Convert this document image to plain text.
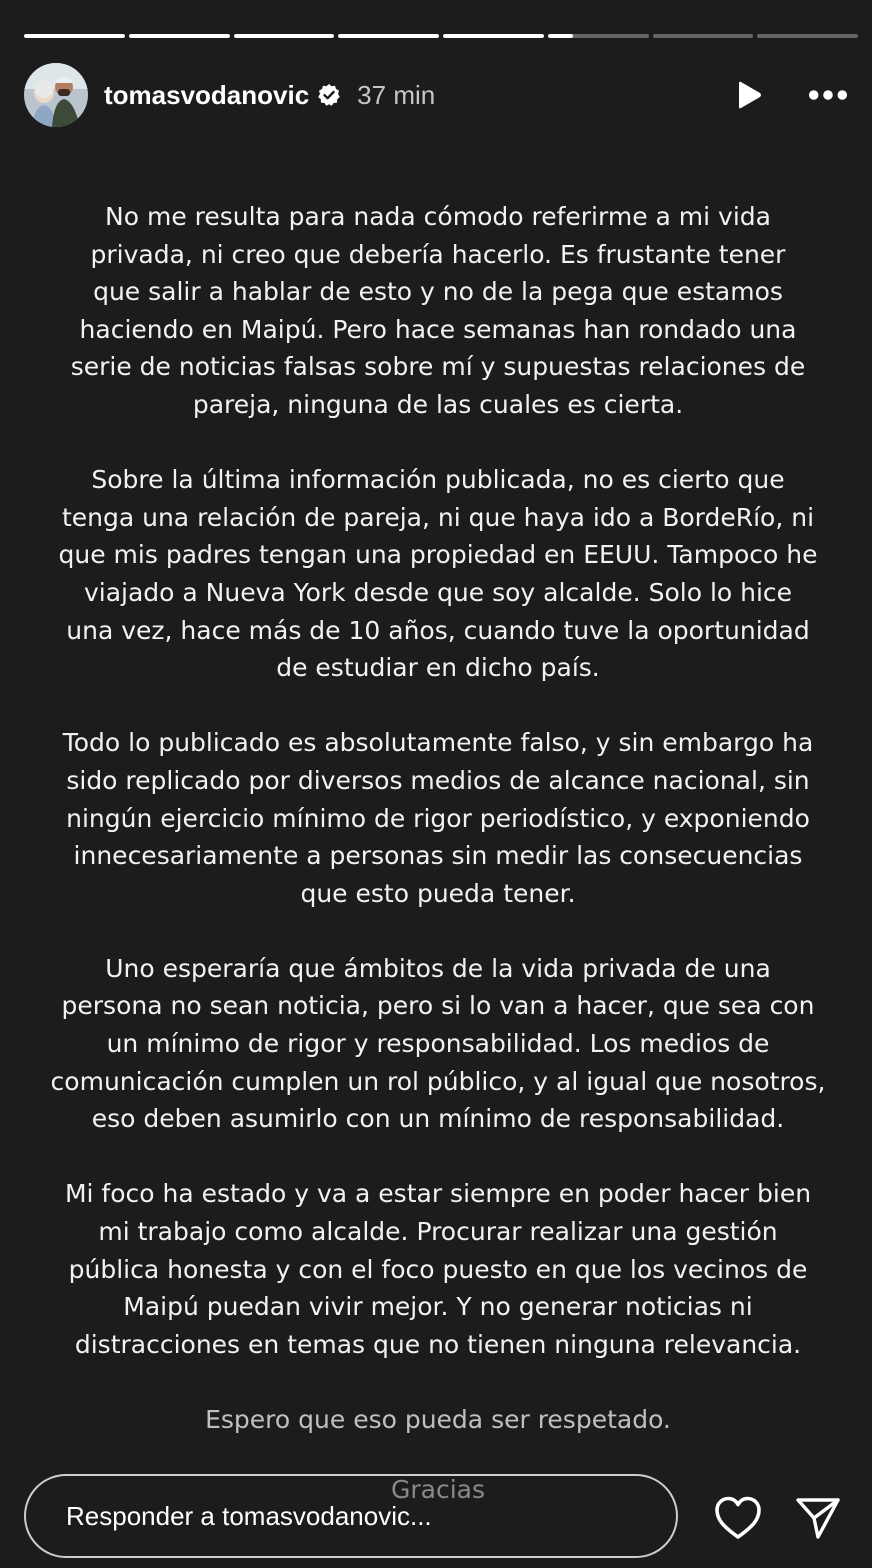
tomasvodanovic 37 min

No me resulta para nada cómodo referirme a mi vida
privada, ni creo que debería hacerlo. Es frustante tener
que salir a hablar de esto y no de la pega que estamos
haciendo en Maipú. Pero hace semanas han rondado una
serie de noticias falsas sobre mí y supuestas relaciones de
pareja, ninguna de las cuales es cierta.

Sobre la última información publicada, no es cierto que
tenga una relación de pareja, ni que haya ido a BordeRío, ni
que mis padres tengan una propiedad en EEUU. Tampoco he
viajado a Nueva York desde que soy alcalde. Solo lo hice
una vez, hace más de 10 años, cuando tuve la oportunidad
de estudiar en dicho país.

Todo lo publicado es absolutamente falso, y sin embargo ha
sido replicado por diversos medios de alcance nacional, sin
ningún ejercicio mínimo de rigor periodístico, y exponiendo
innecesariamente a personas sin medir las consecuencias
que esto pueda tener.

Uno esperaría que ámbitos de la vida privada de una
persona no sean noticia, pero si lo van a hacer, que sea con
un mínimo de rigor y responsabilidad. Los medios de
comunicación cumplen un rol público, y al igual que nosotros,
eso deben asumirlo con un mínimo de responsabilidad.

Mi foco ha estado y va a estar siempre en poder hacer bien
mi trabajo como alcalde. Procurar realizar una gestión
pública honesta y con el foco puesto en que los vecinos de
Maipú puedan vivir mejor. Y no generar noticias ni
distracciones en temas que no tienen ninguna relevancia.

Espero que eso pueda ser respetado.

Gracias

Responder a tomasvodanovic...
